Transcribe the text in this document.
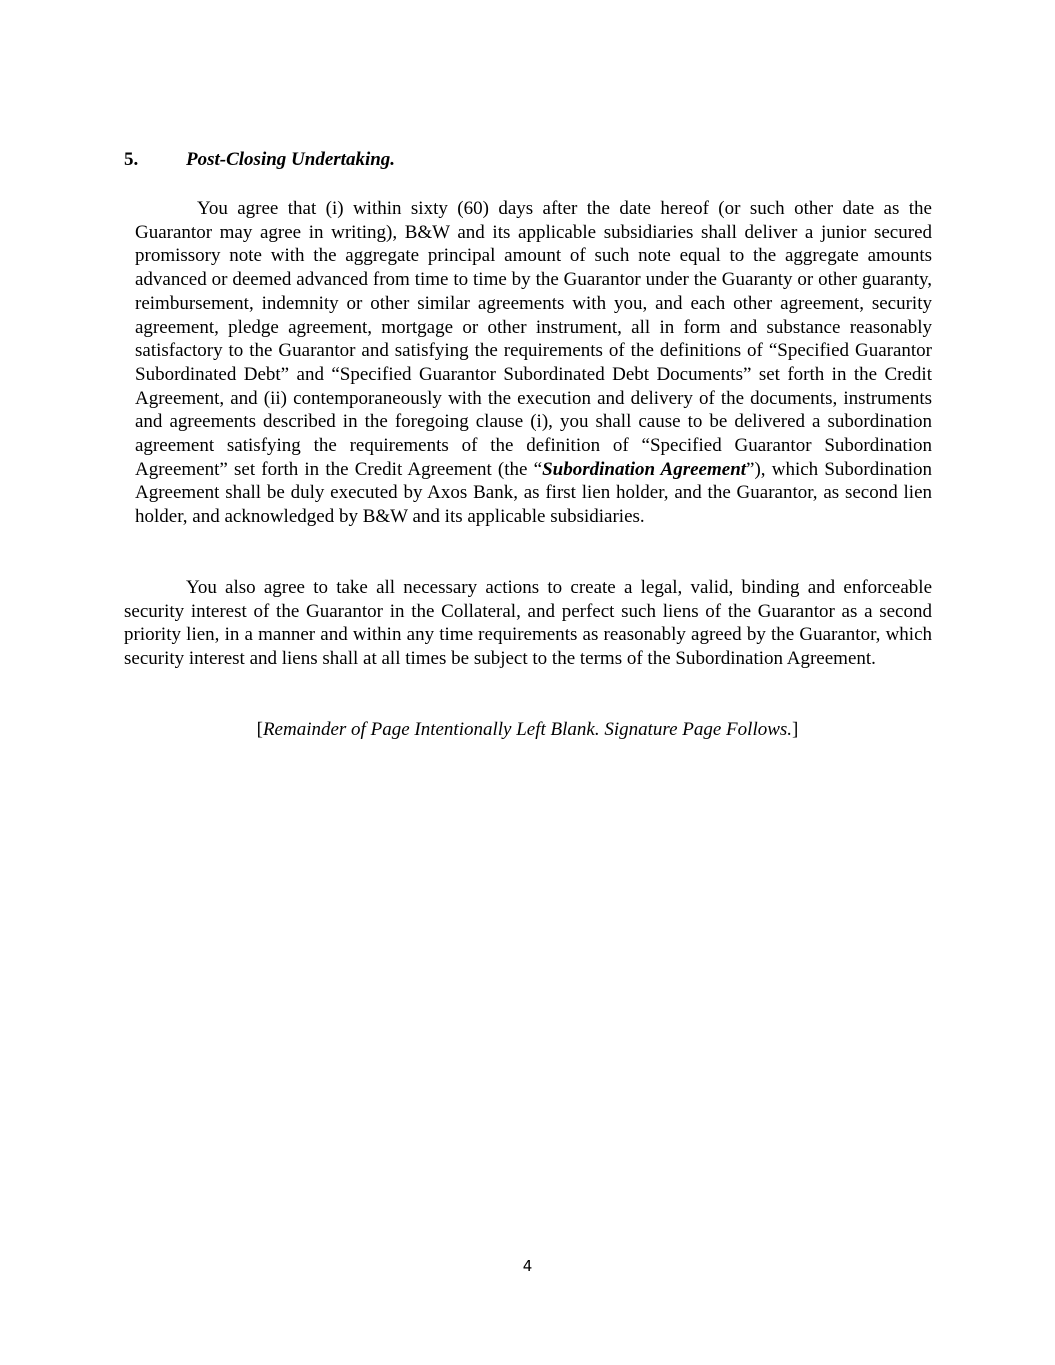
5.	Post-Closing Undertaking.

You agree that (i) within sixty (60) days after the date hereof (or such other date as the Guarantor may agree in writing), B&W and its applicable subsidiaries shall deliver a junior secured promissory note with the aggregate principal amount of such note equal to the aggregate amounts advanced or deemed advanced from time to time by the Guarantor under the Guaranty or other guaranty, reimbursement, indemnity or other similar agreements with you, and each other agreement, security agreement, pledge agreement, mortgage or other instrument, all in form and substance reasonably satisfactory to the Guarantor and satisfying the requirements of the definitions of “Specified Guarantor Subordinated Debt” and “Specified Guarantor Subordinated Debt Documents” set forth in the Credit Agreement, and (ii) contemporaneously with the execution and delivery of the documents, instruments and agreements described in the foregoing clause (i), you shall cause to be delivered a subordination agreement satisfying the requirements of the definition of “Specified Guarantor Subordination Agreement” set forth in the Credit Agreement (the “Subordination Agreement”), which Subordination Agreement shall be duly executed by Axos Bank, as first lien holder, and the Guarantor, as second lien holder, and acknowledged by B&W and its applicable subsidiaries.

You also agree to take all necessary actions to create a legal, valid, binding and enforceable security interest of the Guarantor in the Collateral, and perfect such liens of the Guarantor as a second priority lien, in a manner and within any time requirements as reasonably agreed by the Guarantor, which security interest and liens shall at all times be subject to the terms of the Subordination Agreement.

[Remainder of Page Intentionally Left Blank. Signature Page Follows.]
4
